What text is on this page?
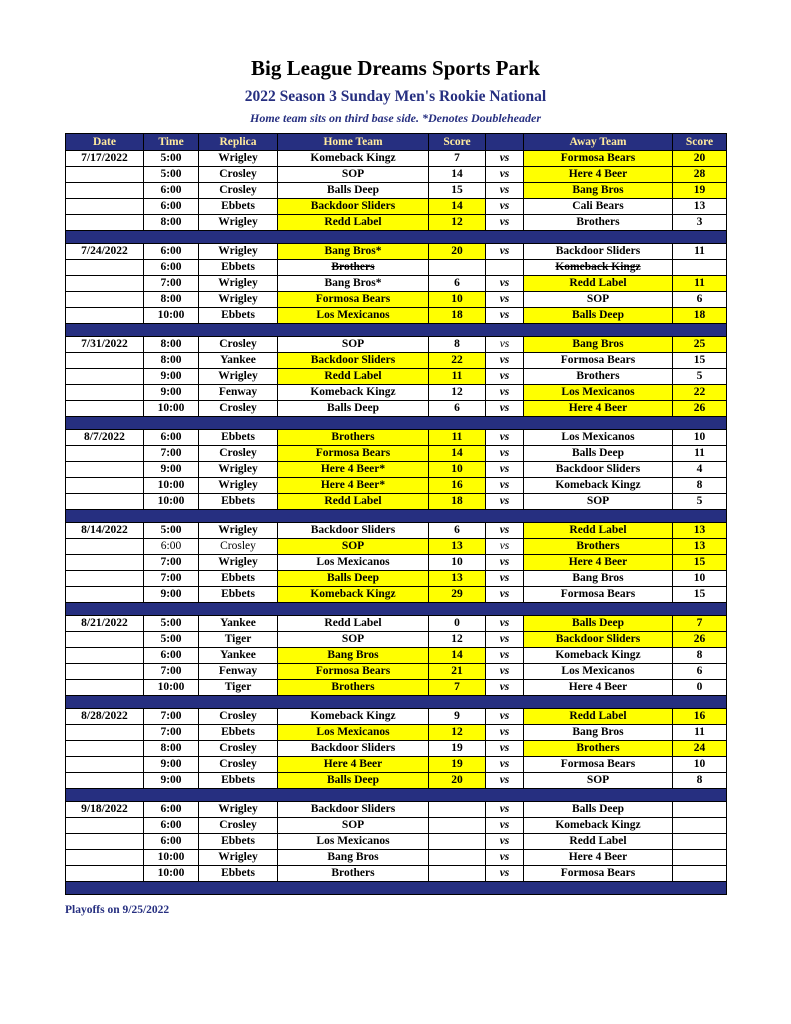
Big League Dreams Sports Park
2022 Season 3 Sunday Men's Rookie National
Home team sits on third base side. *Denotes Doubleheader
Date	Time	Replica	Home Team	Score		Away Team	Score
7/17/2022	5:00	Wrigley	Komeback Kingz	7	vs	Formosa Bears	20
	5:00	Crosley	SOP	14	vs	Here 4 Beer	28
	6:00	Crosley	Balls Deep	15	vs	Bang Bros	19
	6:00	Ebbets	Backdoor Sliders	14	vs	Cali Bears	13
	8:00	Wrigley	Redd Label	12	vs	Brothers	3

7/24/2022	6:00	Wrigley	Bang Bros*	20	vs	Backdoor Sliders	11
	6:00	Ebbets	Brothers			Komeback Kingz	
	7:00	Wrigley	Bang Bros*	6	vs	Redd Label	11
	8:00	Wrigley	Formosa Bears	10	vs	SOP	6
	10:00	Ebbets	Los Mexicanos	18	vs	Balls Deep	18

7/31/2022	8:00	Crosley	SOP	8	vs	Bang Bros	25
	8:00	Yankee	Backdoor Sliders	22	vs	Formosa Bears	15
	9:00	Wrigley	Redd Label	11	vs	Brothers	5
	9:00	Fenway	Komeback Kingz	12	vs	Los Mexicanos	22
	10:00	Crosley	Balls Deep	6	vs	Here 4 Beer	26

8/7/2022	6:00	Ebbets	Brothers	11	vs	Los Mexicanos	10
	7:00	Crosley	Formosa Bears	14	vs	Balls Deep	11
	9:00	Wrigley	Here 4 Beer*	10	vs	Backdoor Sliders	4
	10:00	Wrigley	Here 4 Beer*	16	vs	Komeback Kingz	8
	10:00	Ebbets	Redd Label	18	vs	SOP	5

8/14/2022	5:00	Wrigley	Backdoor Sliders	6	vs	Redd Label	13
	6:00	Crosley	SOP	13	vs	Brothers	13
	7:00	Wrigley	Los Mexicanos	10	vs	Here 4 Beer	15
	7:00	Ebbets	Balls Deep	13	vs	Bang Bros	10
	9:00	Ebbets	Komeback Kingz	29	vs	Formosa Bears	15

8/21/2022	5:00	Yankee	Redd Label	0	vs	Balls Deep	7
	5:00	Tiger	SOP	12	vs	Backdoor Sliders	26
	6:00	Yankee	Bang Bros	14	vs	Komeback Kingz	8
	7:00	Fenway	Formosa Bears	21	vs	Los Mexicanos	6
	10:00	Tiger	Brothers	7	vs	Here 4 Beer	0

8/28/2022	7:00	Crosley	Komeback Kingz	9	vs	Redd Label	16
	7:00	Ebbets	Los Mexicanos	12	vs	Bang Bros	11
	8:00	Crosley	Backdoor Sliders	19	vs	Brothers	24
	9:00	Crosley	Here 4 Beer	19	vs	Formosa Bears	10
	9:00	Ebbets	Balls Deep	20	vs	SOP	8

9/18/2022	6:00	Wrigley	Backdoor Sliders		vs	Balls Deep	
	6:00	Crosley	SOP		vs	Komeback Kingz	
	6:00	Ebbets	Los Mexicanos		vs	Redd Label	
	10:00	Wrigley	Bang Bros		vs	Here 4 Beer	
	10:00	Ebbets	Brothers		vs	Formosa Bears	

Playoffs on 9/25/2022
